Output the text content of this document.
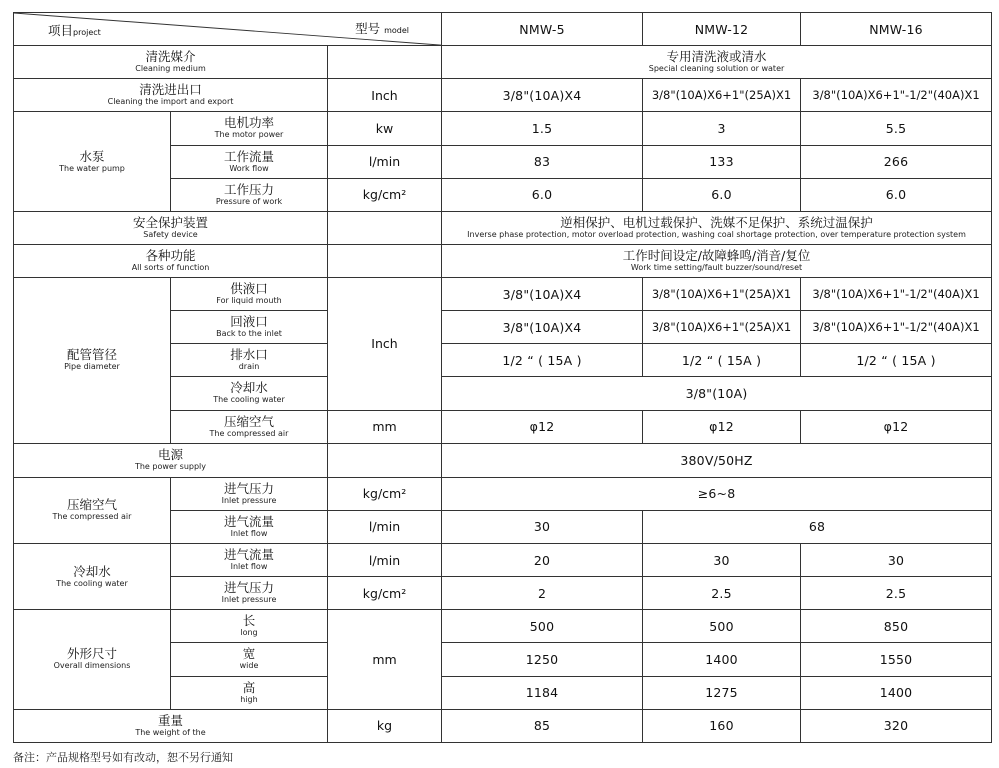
项目project 型号 model			NMW-5	NMW-12	NMW-16

清洗媒介
Cleaning medium			专用清洗液或清水
Special cleaning solution or water		

清洗进出口
Cleaning the import and export		Inch	3/8"(10A)X4	3/8"(10A)X6+1"(25A)X1	3/8"(10A)X6+1"-1/2"(40A)X1

水泵
The water pump	电机功率
The motor power	kw	1.5	3	5.5

	工作流量
Work flow	l/min	83	133	266

	工作压力
Pressure of work	kg/cm²	6.0	6.0	6.0

安全保护装置
Safety device			逆相保护、电机过载保护、洗媒不足保护、系统过温保护
Inverse phase protection, motor overload protection, washing coal shortage protection, over temperature protection system		

各种功能
All sorts of function			工作时间设定/故障蜂鸣/消音/复位
Work time setting/fault buzzer/sound/reset		

配管管径
Pipe diameter	供液口
For liquid mouth	Inch	3/8"(10A)X4	3/8"(10A)X6+1"(25A)X1	3/8"(10A)X6+1"-1/2"(40A)X1

	回液口
Back to the inlet		3/8"(10A)X4	3/8"(10A)X6+1"(25A)X1	3/8"(10A)X6+1"-1/2"(40A)X1

	排水口
drain		1/2 “ ( 15A )	1/2 “ ( 15A )	1/2 “ ( 15A )

	冷却水
The cooling water		3/8"(10A)		

	压缩空气
The compressed air	mm	φ12	φ12	φ12

电源
The power supply			380V/50HZ		

压缩空气
The compressed air	进气压力
Inlet pressure	kg/cm²	≥6~8		

	进气流量
Inlet flow	l/min	30	68	

冷却水
The cooling water	进气流量
Inlet flow	l/min	20	30	30

	进气压力
Inlet pressure	kg/cm²	2	2.5	2.5

外形尺寸
Overall dimensions	长
long	mm	500	500	850

	宽
wide		1250	1400	1550

	高
high		1184	1275	1400

重量
The weight of the		kg	85	160	320
备注：产品规格型号如有改动，恕不另行通知
